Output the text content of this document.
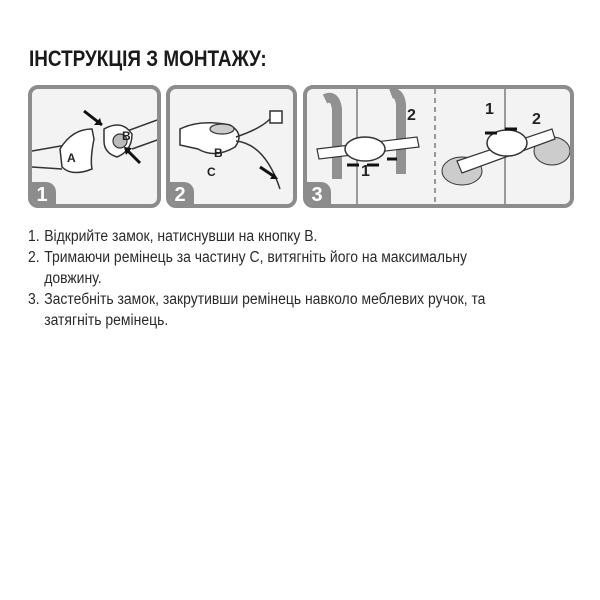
ІНСТРУКЦІЯ З МОНТАЖУ:
A
B
1
B
C
2
2
1
1
2
3
1. Відкрийте замок, натиснувши на кнопку В.
2. Тримаючи ремінець за частину С, витягніть його на максимальну довжину.
3. Застебніть замок, закрутивши ремінець навколо меблевих ручок, та затягніть ремінець.
